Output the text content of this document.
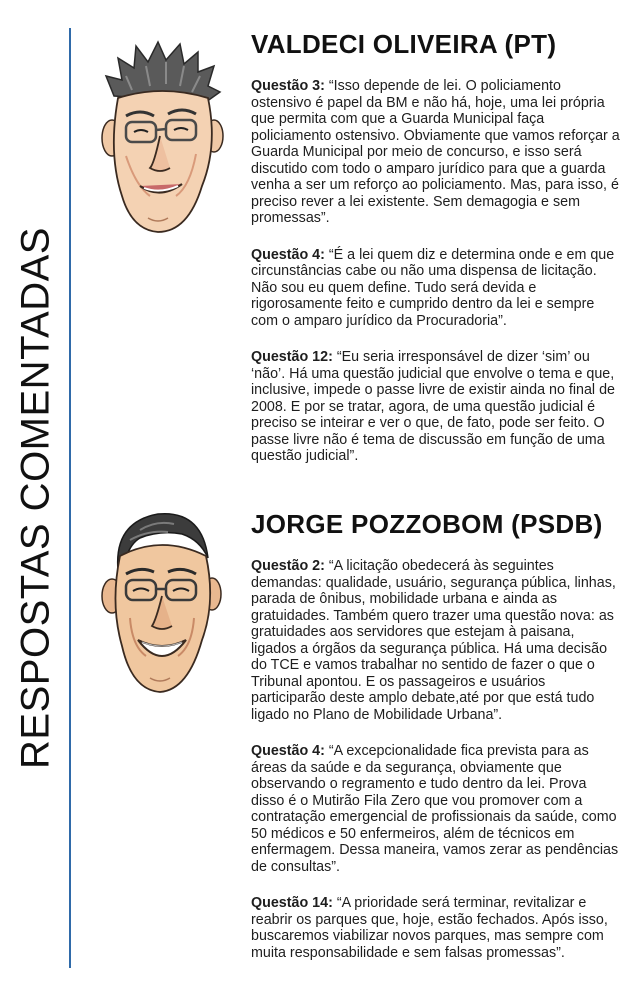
RESPOSTAS COMENTADAS
VALDECI OLIVEIRA (PT)

Questão 3: “Isso depende de lei. O policiamento ostensivo é papel da BM e não há, hoje, uma lei própria que permita com que a Guarda Municipal faça policiamento ostensivo. Obviamente que vamos reforçar a Guarda Municipal por meio de concurso, e isso será discutido com todo o amparo jurídico para que a guarda venha a ser um reforço ao policiamento. Mas, para isso, é preciso rever a lei existente. Sem demagogia e sem promessas”.

Questão 4: “É a lei quem diz e determina onde e em que circunstâncias cabe ou não uma dispensa de licitação. Não sou eu quem define. Tudo será devida e rigorosamente feito e cumprido dentro da lei e sempre com o amparo jurídico da Procuradoria”.

Questão 12: “Eu seria irresponsável de dizer ‘sim’ ou ‘não’. Há uma questão judicial que envolve o tema e que, inclusive, impede o passe livre de existir ainda no final de 2008. E por se tratar, agora, de uma questão judicial é preciso se inteirar e ver o que, de fato, pode ser feito. O passe livre não é tema de discussão em função de uma questão judicial”.

JORGE POZZOBOM (PSDB)

Questão 2: “A licitação obedecerá às seguintes demandas: qualidade, usuário, segurança pública, linhas, parada de ônibus, mobilidade urbana e ainda as gratuidades. Também quero trazer uma questão nova: as gratuidades aos servidores que estejam à paisana, ligados a órgãos da segurança pública. Há uma decisão do TCE e vamos trabalhar no sentido de fazer o que o Tribunal apontou. E os passageiros e usuários participarão deste amplo debate,até por que está tudo ligado no Plano de Mobilidade Urbana”.

Questão 4: “A excepcionalidade fica prevista para as áreas da saúde e da segurança, obviamente que observando o regramento e tudo dentro da lei. Prova disso é o Mutirão Fila Zero que vou promover com a contratação emergencial de profissionais da saúde, como 50 médicos e 50 enfermeiros, além de técnicos em enfermagem. Dessa maneira, vamos zerar as pendências de consultas”.

Questão 14: “A prioridade será terminar, revitalizar e reabrir os parques que, hoje, estão fechados. Após isso, buscaremos viabilizar novos parques, mas sempre com muita responsabilidade e sem falsas promessas”.
